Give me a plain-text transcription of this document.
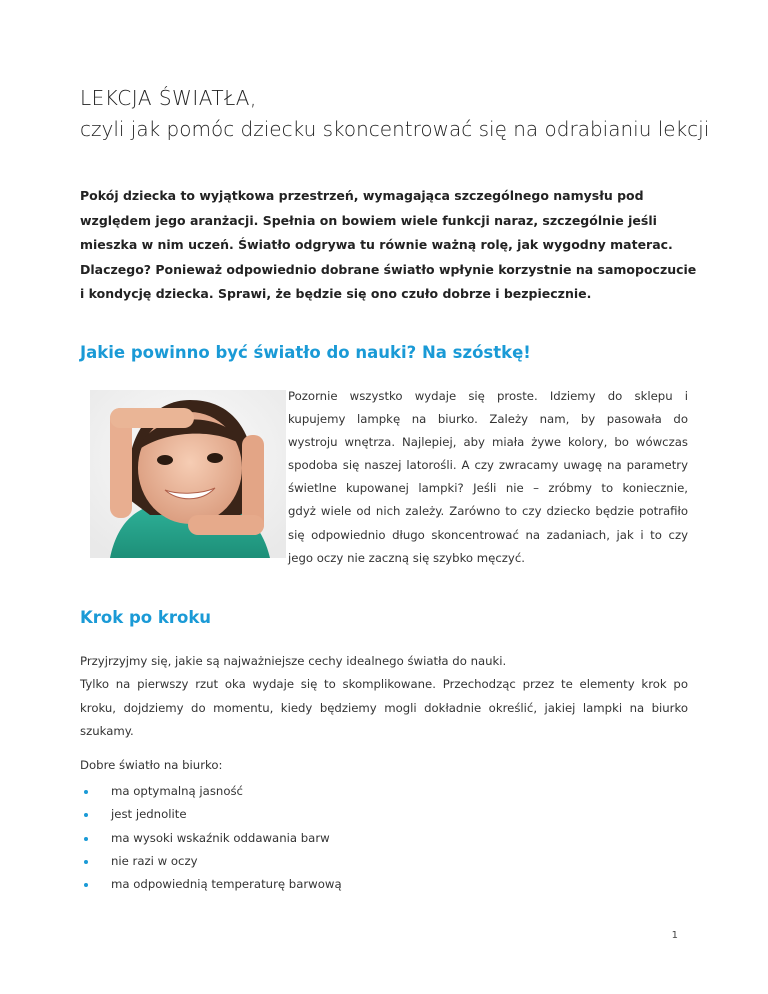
LEKCJA ŚWIATŁA,
czyli jak pomóc dziecku skoncentrować się na odrabianiu lekcji

Pokój dziecka to wyjątkowa przestrzeń, wymagająca szczególnego namysłu pod
względem jego aranżacji. Spełnia on bowiem wiele funkcji naraz, szczególnie jeśli
mieszka w nim uczeń. Światło odgrywa tu równie ważną rolę, jak wygodny materac.
Dlaczego? Ponieważ odpowiednio dobrane światło wpłynie korzystnie na samopoczucie
i kondycję dziecka. Sprawi, że będzie się ono czuło dobrze i bezpiecznie.

Jakie powinno być światło do nauki? Na szóstkę!

Pozornie wszystko wydaje się proste. Idziemy do sklepu i
kupujemy lampkę na biurko. Zależy nam, by pasowała do
wystroju wnętrza. Najlepiej, aby miała żywe kolory, bo wówczas
spodoba się naszej latorośli. A czy zwracamy uwagę na parametry
świetlne kupowanej lampki? Jeśli nie – zróbmy to koniecznie,
gdyż wiele od nich zależy. Zarówno to czy dziecko będzie potrafiło
się odpowiednio długo skoncentrować na zadaniach, jak i to czy
jego oczy nie zaczną się szybko męczyć.

Krok po kroku

Przyjrzyjmy się, jakie są najważniejsze cechy idealnego światła do nauki.
Tylko na pierwszy rzut oka wydaje się to skomplikowane. Przechodząc przez te elementy krok po
kroku, dojdziemy do momentu, kiedy będziemy mogli dokładnie określić, jakiej lampki na biurko
szukamy.

Dobre światło na biurko:

ma optymalną jasność
jest jednolite
ma wysoki wskaźnik oddawania barw
nie razi w oczy
ma odpowiednią temperaturę barwową
1
